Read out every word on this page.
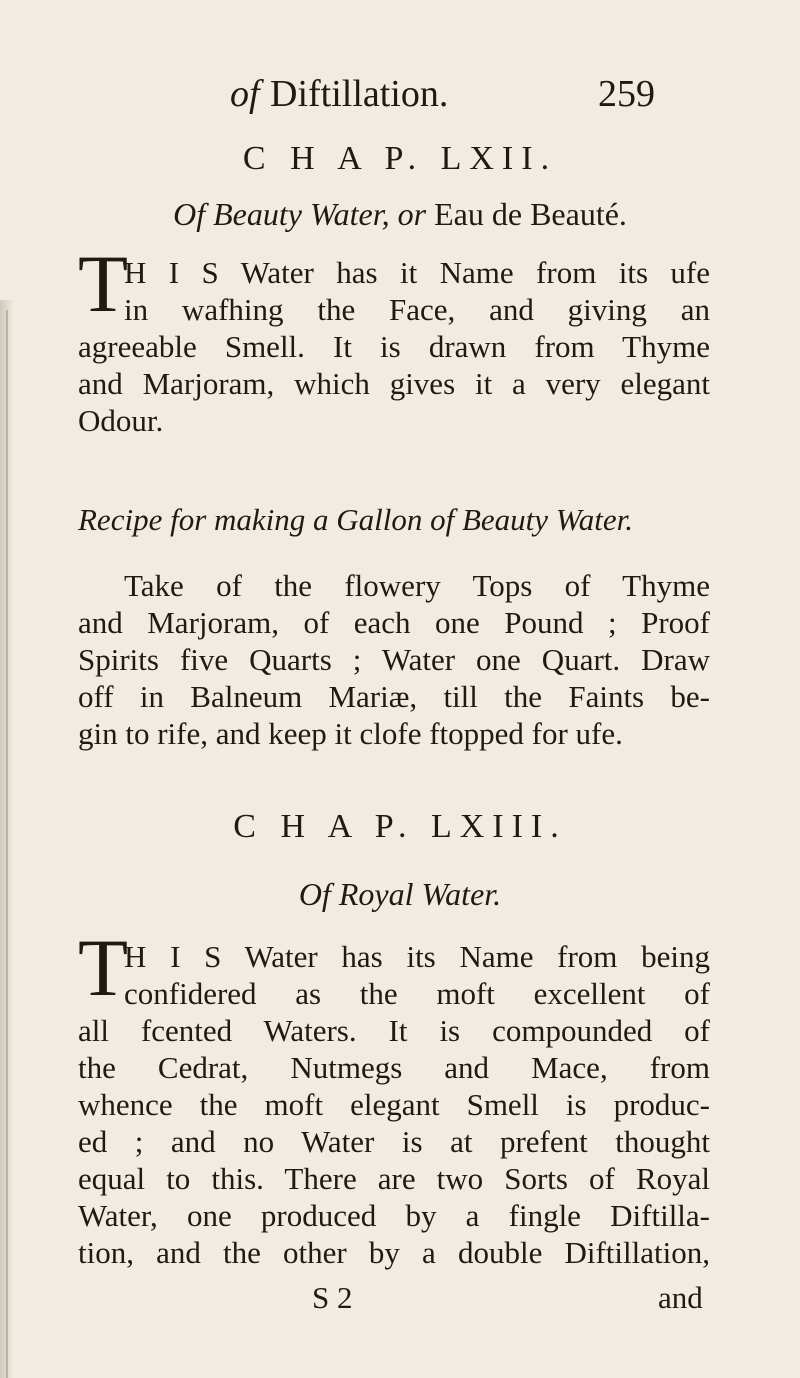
of Diftillation.	259
C H A P. LXII.
Of Beauty Water, or Eau de Beauté.
T
H I S Water has it Name from its ufe
in wafhing the Face, and giving an
agreeable Smell. It is drawn from Thyme
and Marjoram, which gives it a very elegant
Odour.
Recipe for making a Gallon of Beauty Water.
Take of the flowery Tops of Thyme
and Marjoram, of each one Pound ; Proof
Spirits five Quarts ; Water one Quart. Draw
off in Balneum Mariæ, till the Faints be-
gin to rife, and keep it clofe ftopped for ufe.
C H A P. LXIII.
Of Royal Water.
T
H I S Water has its Name from being
confidered as the moft excellent of
all fcented Waters. It is compounded of
the Cedrat, Nutmegs and Mace, from
whence the moft elegant Smell is produc-
ed ; and no Water is at prefent thought
equal to this. There are two Sorts of Royal
Water, one produced by a fingle Diftilla-
tion, and the other by a double Diftillation,
S 2	and
